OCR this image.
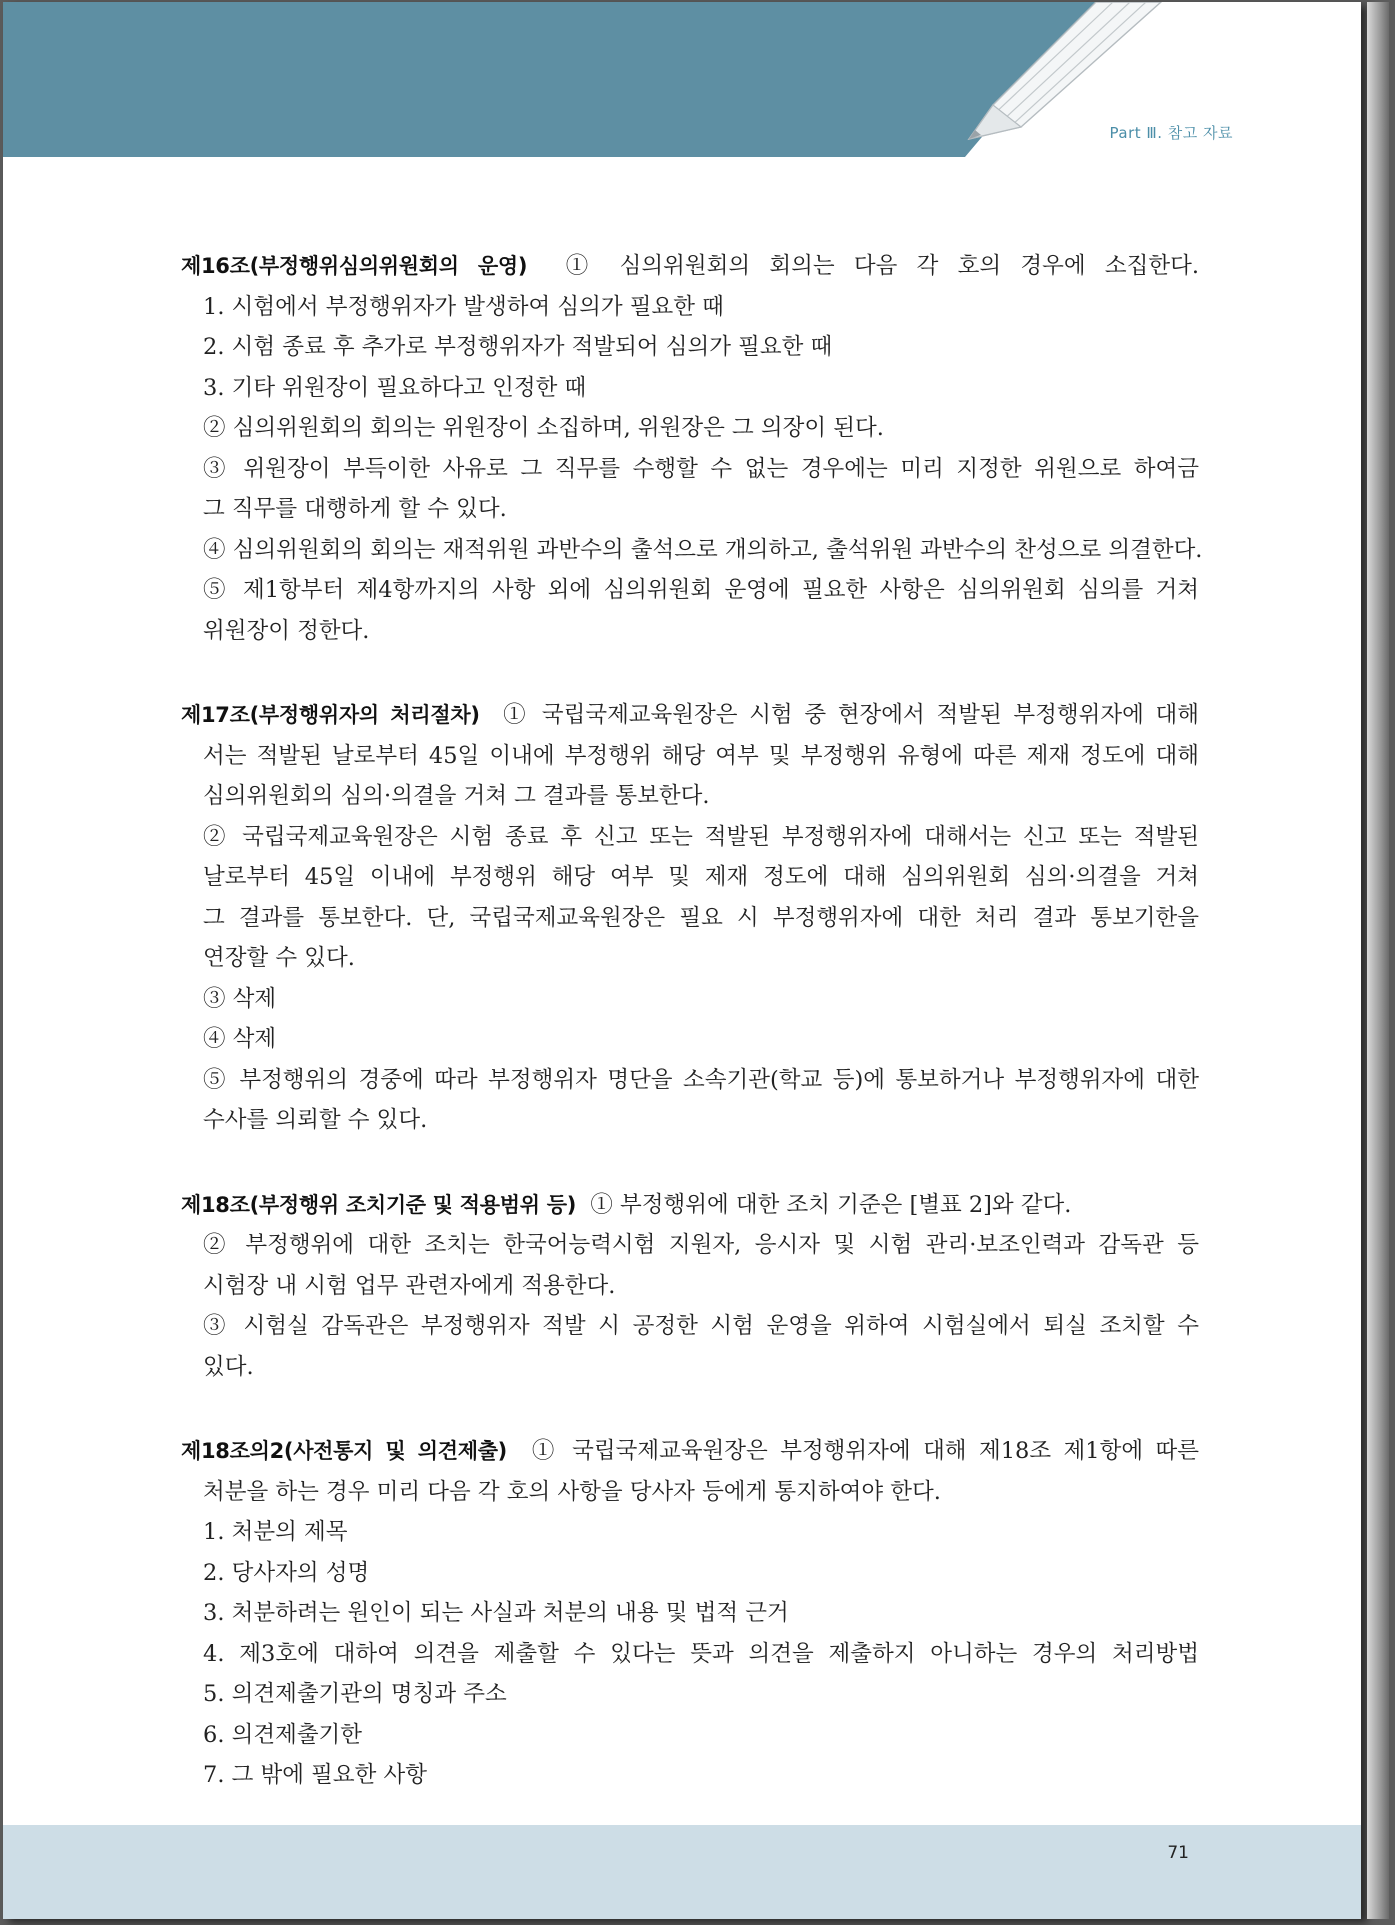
Part Ⅲ. 참고 자료
제16조(부정행위심의위원회의 운영) ① 심의위원회의 회의는 다음 각 호의 경우에 소집한다.
1. 시험에서 부정행위자가 발생하여 심의가 필요한 때
2. 시험 종료 후 추가로 부정행위자가 적발되어 심의가 필요한 때
3. 기타 위원장이 필요하다고 인정한 때
② 심의위원회의 회의는 위원장이 소집하며, 위원장은 그 의장이 된다.
③ 위원장이 부득이한 사유로 그 직무를 수행할 수 없는 경우에는 미리 지정한 위원으로 하여금
그 직무를 대행하게 할 수 있다.
④ 심의위원회의 회의는 재적위원 과반수의 출석으로 개의하고, 출석위원 과반수의 찬성으로 의결한다.
⑤ 제1항부터 제4항까지의 사항 외에 심의위원회 운영에 필요한 사항은 심의위원회 심의를 거쳐
위원장이 정한다.
제17조(부정행위자의 처리절차) ① 국립국제교육원장은 시험 중 현장에서 적발된 부정행위자에 대해
서는 적발된 날로부터 45일 이내에 부정행위 해당 여부 및 부정행위 유형에 따른 제재 정도에 대해
심의위원회의 심의·의결을 거쳐 그 결과를 통보한다.
② 국립국제교육원장은 시험 종료 후 신고 또는 적발된 부정행위자에 대해서는 신고 또는 적발된
날로부터 45일 이내에 부정행위 해당 여부 및 제재 정도에 대해 심의위원회 심의·의결을 거쳐
그 결과를 통보한다. 단, 국립국제교육원장은 필요 시 부정행위자에 대한 처리 결과 통보기한을
연장할 수 있다.
③ 삭제
④ 삭제
⑤ 부정행위의 경중에 따라 부정행위자 명단을 소속기관(학교 등)에 통보하거나 부정행위자에 대한
수사를 의뢰할 수 있다.
제18조(부정행위 조치기준 및 적용범위 등) ① 부정행위에 대한 조치 기준은 [별표 2]와 같다.
② 부정행위에 대한 조치는 한국어능력시험 지원자, 응시자 및 시험 관리·보조인력과 감독관 등
시험장 내 시험 업무 관련자에게 적용한다.
③ 시험실 감독관은 부정행위자 적발 시 공정한 시험 운영을 위하여 시험실에서 퇴실 조치할 수
있다.
제18조의2(사전통지 및 의견제출) ① 국립국제교육원장은 부정행위자에 대해 제18조 제1항에 따른
처분을 하는 경우 미리 다음 각 호의 사항을 당사자 등에게 통지하여야 한다.
1. 처분의 제목
2. 당사자의 성명
3. 처분하려는 원인이 되는 사실과 처분의 내용 및 법적 근거
4. 제3호에 대하여 의견을 제출할 수 있다는 뜻과 의견을 제출하지 아니하는 경우의 처리방법
5. 의견제출기관의 명칭과 주소
6. 의견제출기한
7. 그 밖에 필요한 사항
71
